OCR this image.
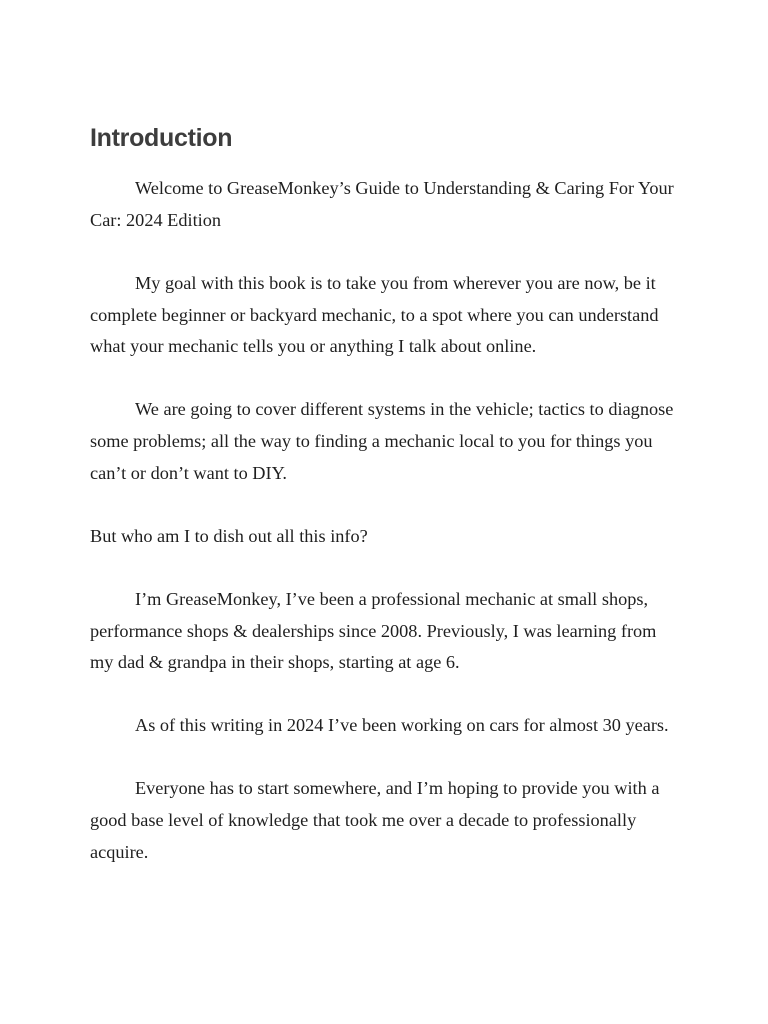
Introduction

Welcome to GreaseMonkey’s Guide to Understanding & Caring For Your Car: 2024 Edition

My goal with this book is to take you from wherever you are now, be it complete beginner or backyard mechanic, to a spot where you can understand what your mechanic tells you or anything I talk about online.

We are going to cover different systems in the vehicle; tactics to diagnose some problems; all the way to finding a mechanic local to you for things you can’t or don’t want to DIY.

But who am I to dish out all this info?

I’m GreaseMonkey, I’ve been a professional mechanic at small shops, performance shops & dealerships since 2008. Previously, I was learning from my dad & grandpa in their shops, starting at age 6.

As of this writing in 2024 I’ve been working on cars for almost 30 years.

Everyone has to start somewhere, and I’m hoping to provide you with a good base level of knowledge that took me over a decade to professionally acquire.
